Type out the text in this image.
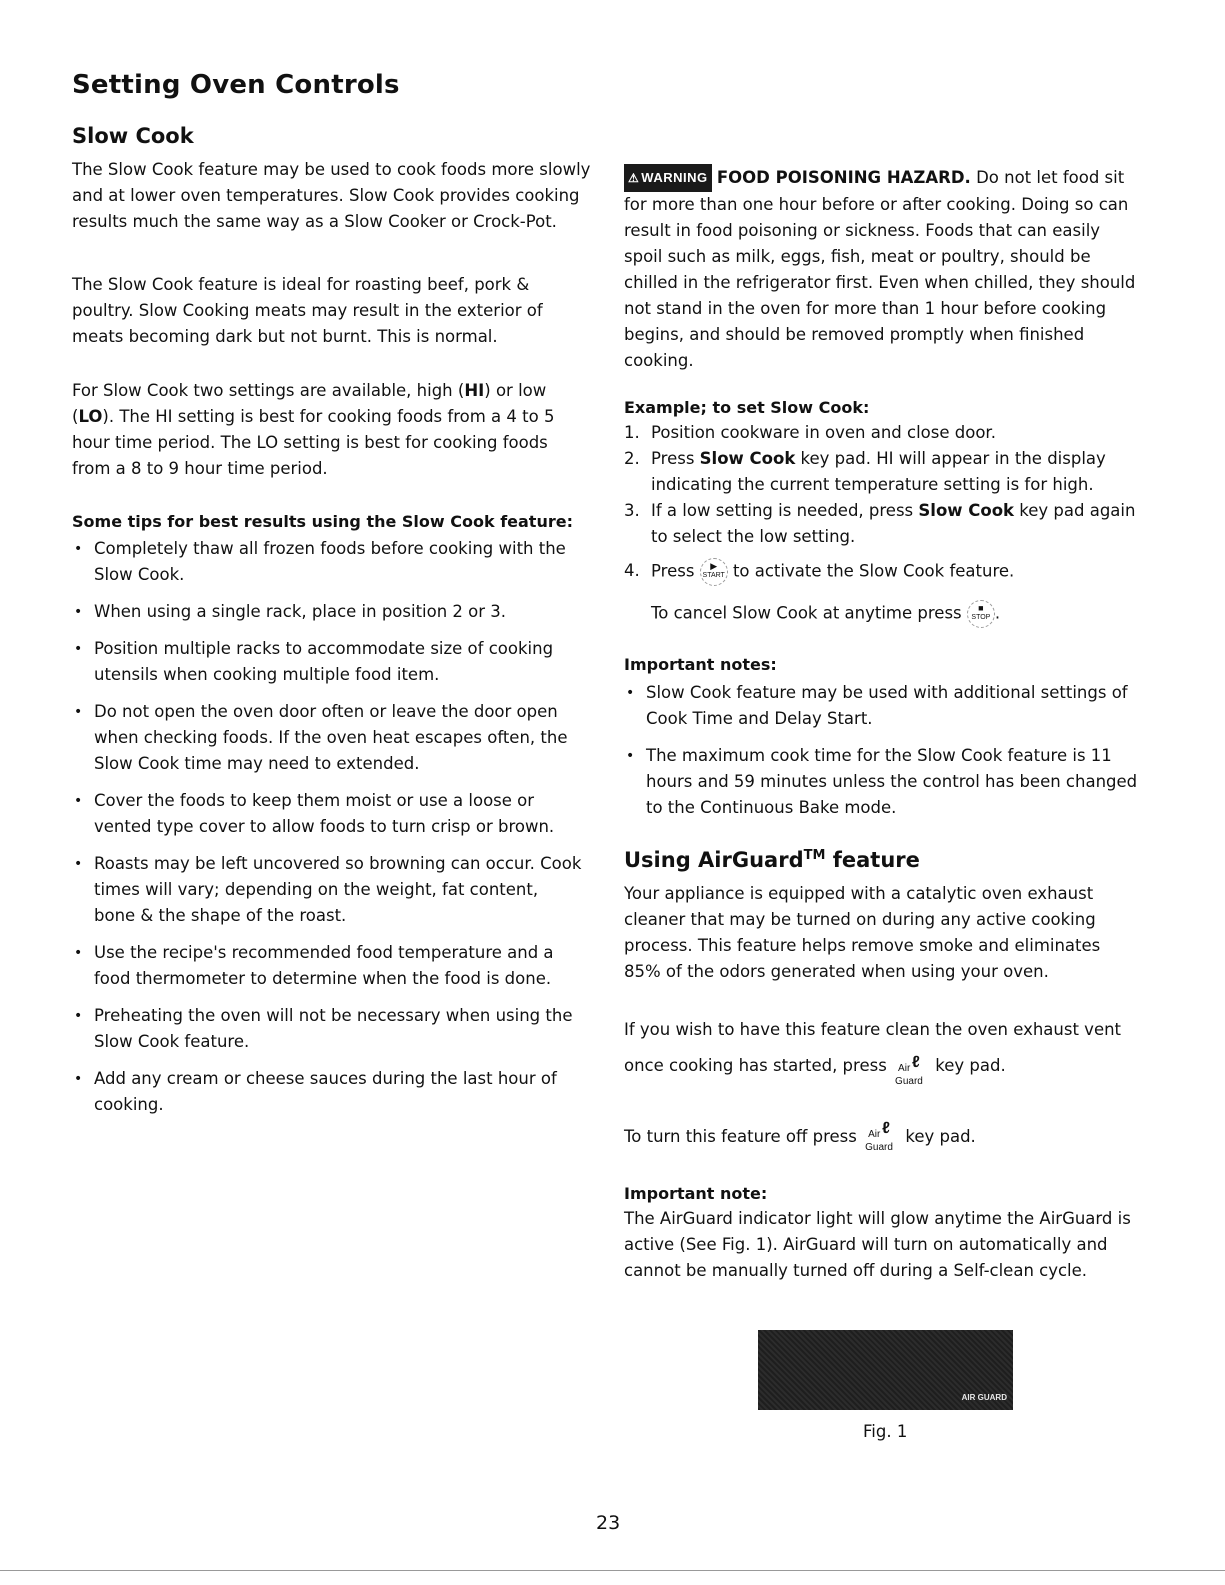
Setting Oven Controls
Slow Cook

The Slow Cook feature may be used to cook foods more slowly and at lower oven temperatures. Slow Cook provides cooking results much the same way as a Slow Cooker or Crock-Pot.

The Slow Cook feature is ideal for roasting beef, pork & poultry. Slow Cooking meats may result in the exterior of meats becoming dark but not burnt. This is normal.

For Slow Cook two settings are available, high (HI) or low (LO). The HI setting is best for cooking foods from a 4 to 5 hour time period. The LO setting is best for cooking foods from a 8 to 9 hour time period.

Some tips for best results using the Slow Cook feature:

• Completely thaw all frozen foods before cooking with the Slow Cook.
• When using a single rack, place in position 2 or 3.
• Position multiple racks to accommodate size of cooking utensils when cooking multiple food item.
• Do not open the oven door often or leave the door open when checking foods. If the oven heat escapes often, the Slow Cook time may need to extended.
• Cover the foods to keep them moist or use a loose or vented type cover to allow foods to turn crisp or brown.
• Roasts may be left uncovered so browning can occur. Cook times will vary; depending on the weight, fat content, bone & the shape of the roast.
• Use the recipe's recommended food temperature and a food thermometer to determine when the food is done.
• Preheating the oven will not be necessary when using the Slow Cook feature.
• Add any cream or cheese sauces during the last hour of cooking.

⚠ WARNING FOOD POISONING HAZARD. Do not let food sit for more than one hour before or after cooking. Doing so can result in food poisoning or sickness. Foods that can easily spoil such as milk, eggs, fish, meat or poultry, should be chilled in the refrigerator first. Even when chilled, they should not stand in the oven for more than 1 hour before cooking begins, and should be removed promptly when finished cooking.

Example; to set Slow Cook:

1. Position cookware in oven and close door.
2. Press Slow Cook key pad. HI will appear in the display indicating the current temperature setting is for high.
3. If a low setting is needed, press Slow Cook key pad again to select the low setting.
4. Press	▶
START to activate the Slow Cook feature.
To cancel Slow Cook at anytime press	■
STOP .

Important notes:

• Slow Cook feature may be used with additional settings of Cook Time and Delay Start.
• The maximum cook time for the Slow Cook feature is 11 hours and 59 minutes unless the control has been changed to the Continuous Bake mode.
Using AirGuard™ feature

Your appliance is equipped with a catalytic oven exhaust cleaner that may be turned on during any active cooking process. This feature helps remove smoke and eliminates 85% of the odors generated when using your oven.

If you wish to have this feature clean the oven exhaust vent once cooking has started, press Air ℓ
Guard
key pad.

To turn this feature off press Air ℓ
Guard
key pad.

Important note:

The AirGuard indicator light will glow anytime the AirGuard is active (See Fig. 1). AirGuard will turn on automatically and cannot be manually turned off during a Self-clean cycle.

AIR GUARD
Fig. 1
23
